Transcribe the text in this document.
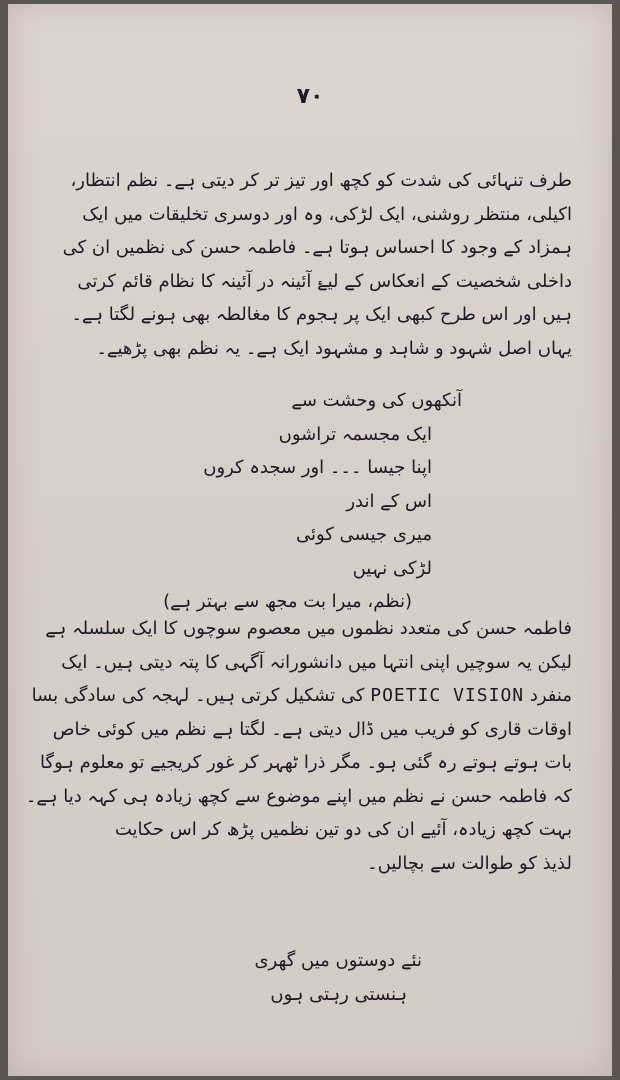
۷۰
طرف تنہائی کی شدت کو کچھ اور تیز تر کر دیتی ہے۔ نظم انتظار،
اکیلی، منتظر روشنی، ایک لڑکی، وہ اور دوسری تخلیقات میں ایک
ہمزاد کے وجود کا احساس ہوتا ہے۔ فاطمہ حسن کی نظمیں ان کی
داخلی شخصیت کے انعکاس کے لیۓ آئینہ در آئینہ کا نظام قائم کرتی
ہیں اور اس طرح کبھی ایک پر ہجوم کا مغالطہ بھی ہونے لگتا ہے۔
یہاں اصل شہود و شاہد و مشہود ایک ہے۔ یہ نظم بھی پڑھیے۔
آنکھوں کی وحشت سے
ایک مجسمہ تراشوں
اپنا جیسا ۔۔۔ اور سجدہ کروں
اس کے اندر
میری جیسی کوئی
لڑکی نہیں
(نظم، میرا بت مجھ سے بہتر ہے)
فاطمہ حسن کی متعدد نظموں میں معصوم سوچوں کا ایک سلسلہ ہے
لیکن یہ سوچیں اپنی انتہا میں دانشورانہ آگہی کا پتہ دیتی ہیں۔ ایک
منفرد POETIC VISION کی تشکیل کرتی ہیں۔ لہجہ کی سادگی بسا
اوقات قاری کو فریب میں ڈال دیتی ہے۔ لگتا ہے نظم میں کوئی خاص
بات ہوتے ہوتے رہ گئی ہو۔ مگر ذرا ٹھہر کر غور کریجیے تو معلوم ہوگا
کہ فاطمہ حسن نے نظم میں اپنے موضوع سے کچھ زیادہ ہی کہہ دیا ہے۔
بہت کچھ زیادہ، آئیے ان کی دو تین نظمیں پڑھ کر اس حکایت
لذیذ کو طوالت سے بچالیں۔
نئے دوستوں میں گھری
ہنستی رہتی ہوں
